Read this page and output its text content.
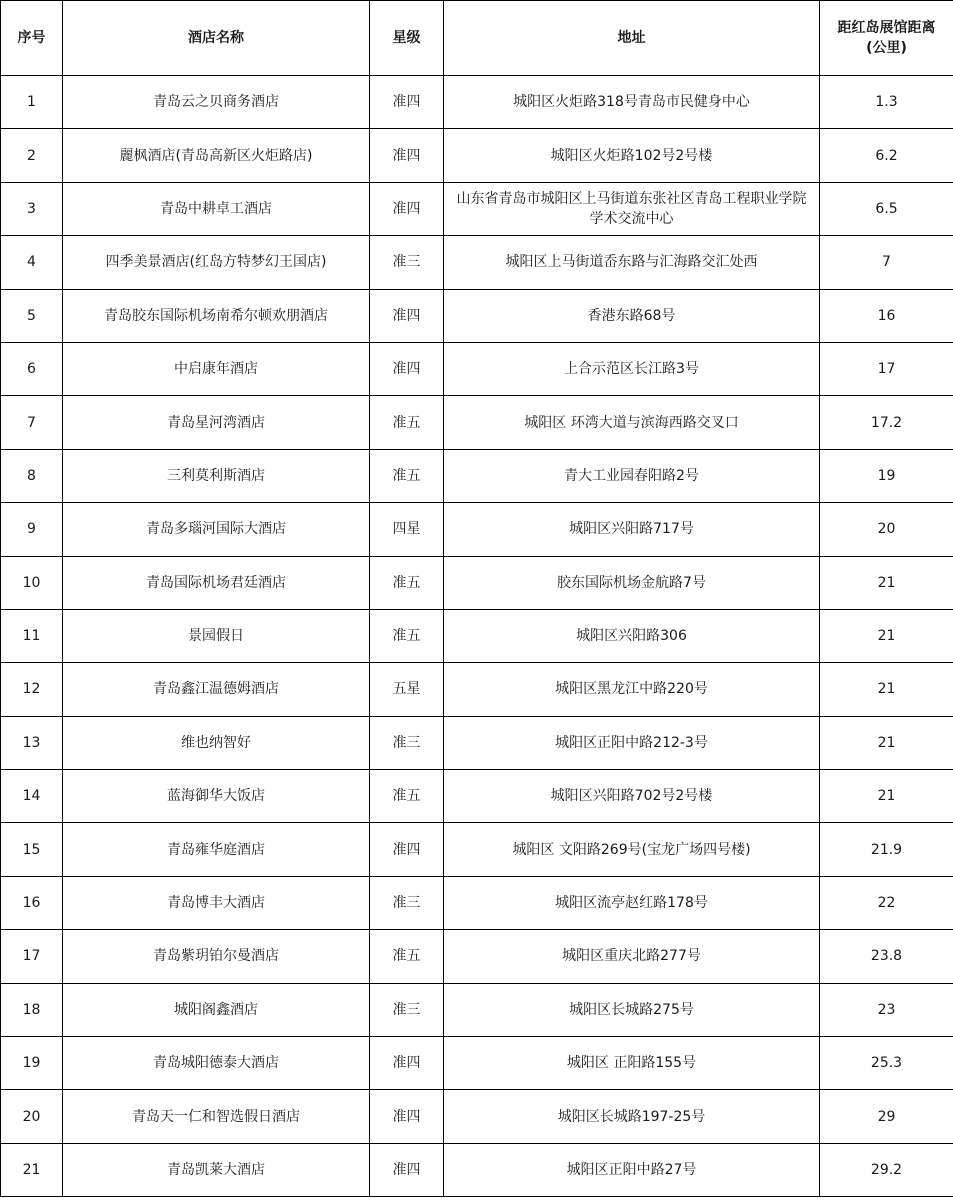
序号	酒店名称	星级	地址	距红岛展馆距离
(公里)

1	青岛云之贝商务酒店	准四	城阳区火炬路318号青岛市民健身中心	1.3
2	麗枫酒店(青岛高新区火炬路店)	准四	城阳区火炬路102号2号楼	6.2
3	青岛中耕卓工酒店	准四	山东省青岛市城阳区上马街道东张社区青岛工程职业学院学术交流中心	6.5
4	四季美景酒店(红岛方特梦幻王国店)	准三	城阳区上马街道岙东路与汇海路交汇处西	7
5	青岛胶东国际机场南希尔顿欢朋酒店	准四	香港东路68号	16
6	中启康年酒店	准四	上合示范区长江路3号	17
7	青岛星河湾酒店	准五	城阳区 环湾大道与滨海西路交叉口	17.2
8	三利莫利斯酒店	准五	青大工业园春阳路2号	19
9	青岛多瑙河国际大酒店	四星	城阳区兴阳路717号	20
10	青岛国际机场君廷酒店	准五	胶东国际机场金航路7号	21
11	景园假日	准五	城阳区兴阳路306	21
12	青岛鑫江温德姆酒店	五星	城阳区黑龙江中路220号	21
13	维也纳智好	准三	城阳区正阳中路212-3号	21
14	蓝海御华大饭店	准五	城阳区兴阳路702号2号楼	21
15	青岛雍华庭酒店	准四	城阳区 文阳路269号(宝龙广场四号楼)	21.9
16	青岛博丰大酒店	准三	城阳区流亭赵红路178号	22
17	青岛紫玥铂尔曼酒店	准五	城阳区重庆北路277号	23.8
18	城阳阁鑫酒店	准三	城阳区长城路275号	23
19	青岛城阳德泰大酒店	准四	城阳区 正阳路155号	25.3
20	青岛天一仁和智选假日酒店	准四	城阳区长城路197-25号	29
21	青岛凯莱大酒店	准四	城阳区正阳中路27号	29.2
